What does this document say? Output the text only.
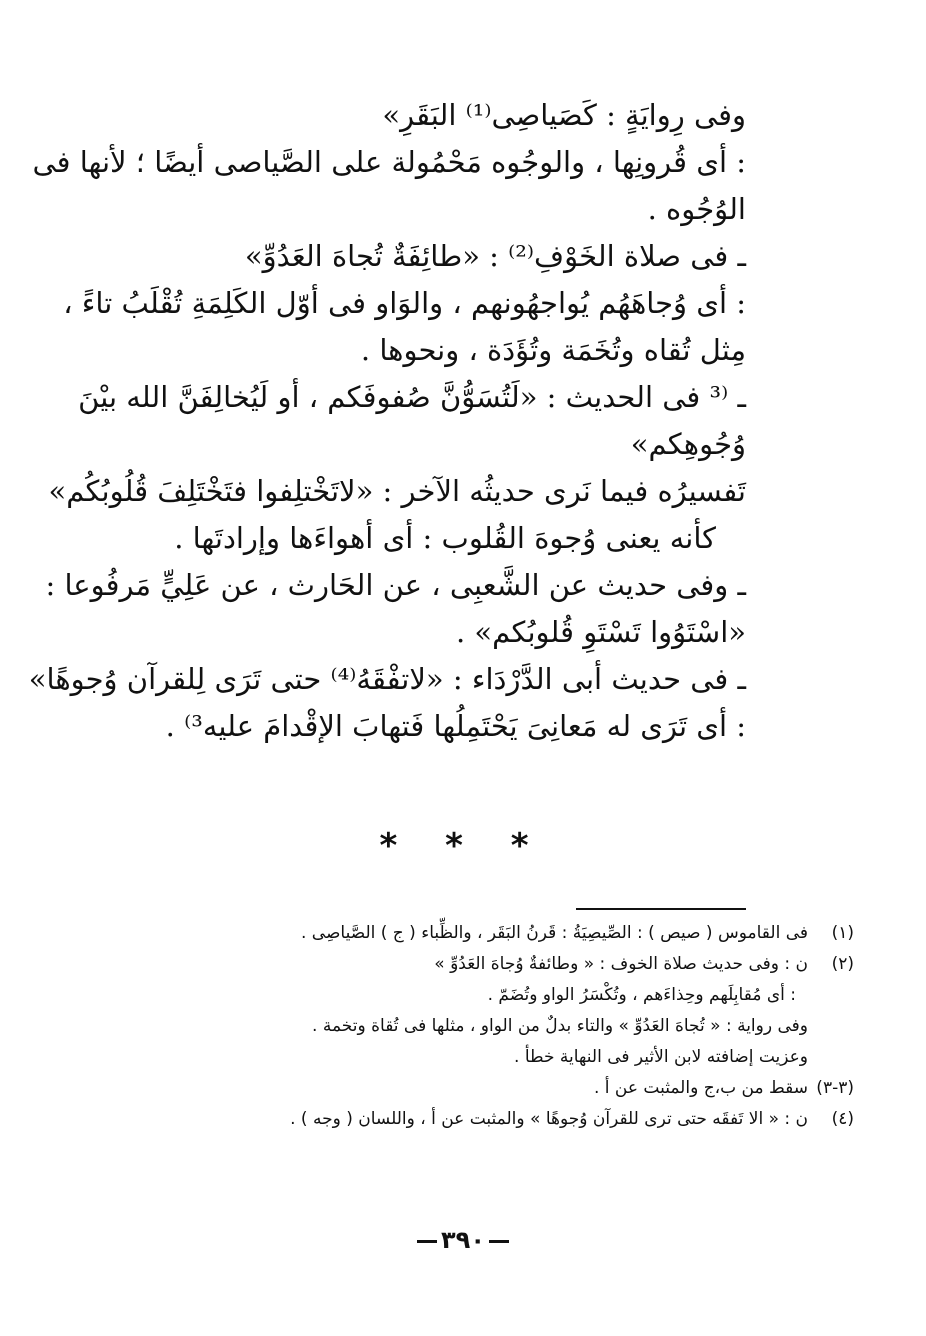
وفى رِوايَةٍ : كَصَياصِى⁽¹⁾ البَقَرِ»
: أى قُرونِها ، والوجُوه مَحْمُولة على الصَّياصى أيضًا ؛ لأنها فى
الوُجُوه .
ـ فى صلاة الخَوْفِ⁽²⁾ : «طائِفَةٌ تُجاهَ العَدُوِّ»
: أى وُجاهَهُم يُواجهُونهم ، والوَاو فى أوّل الكَلِمَةِ تُقْلَبُ تاءً ،
مِثل تُقاه وتُخَمَة وتُؤَدَة ، ونحوها .
ـ ⁽³ فى الحديث : «لَتُسَوُّنَّ صُفوفَكم ، أو لَيُخالِفَنَّ الله بيْنَ
وُجُوهِكم»
تَفسيرُه فيما نَرى حديثُه الآخر : «لاتَخْتلِفوا فتَخْتَلِفَ قُلُوبُكُم»
كأنه يعنى وُجوهَ القُلوب : أى أهواءَها وإرادتَها .
ـ وفى حديث عن الشَّعبِى ، عن الحَارث ، عن عَلِيٍّ مَرفُوعا :
«اسْتَوُوا تَسْتَوِ قُلوبُكم» .
ـ فى حديث أبى الدَّرْدَاء : «لاتفْقَهُ⁽⁴⁾ حتى تَرَى لِلقرآن وُجوهًا»
: أى تَرَى له مَعانِىَ يَحْتَمِلُها فَتهابَ الإقْدامَ عليه³⁾ .
* * *
(١)
فى القاموس ( صيص ) : الصِّيصِيَةُ : قَرنُ البَقَر ، والظِّباء ( ج ) الصَّياصِى .
(٢)
ن : وفى حديث صلاة الخوف : « وطائفةٌ وُجاهَ العَدُوِّ »
: أى مُقابِلَهم وحِذاءَهم ، وتُكْسَرُ الواو وتُضَمّ .
وفى رواية : « تُجاهَ العَدُوِّ » والتاء بدلٌ من الواو ، مثلها فى تُقاة وتخمة .
وعزيت إضافته لابن الأثير فى النهاية خطأ .
(٣-٣)
سقط من ب،ج والمثبت عن أ .
(٤)
ن : « الا تَفقَه حتى ترى للقرآن وُجوهًا » والمثبت عن أ ، واللسان ( وجه ) .
٣٩٠
